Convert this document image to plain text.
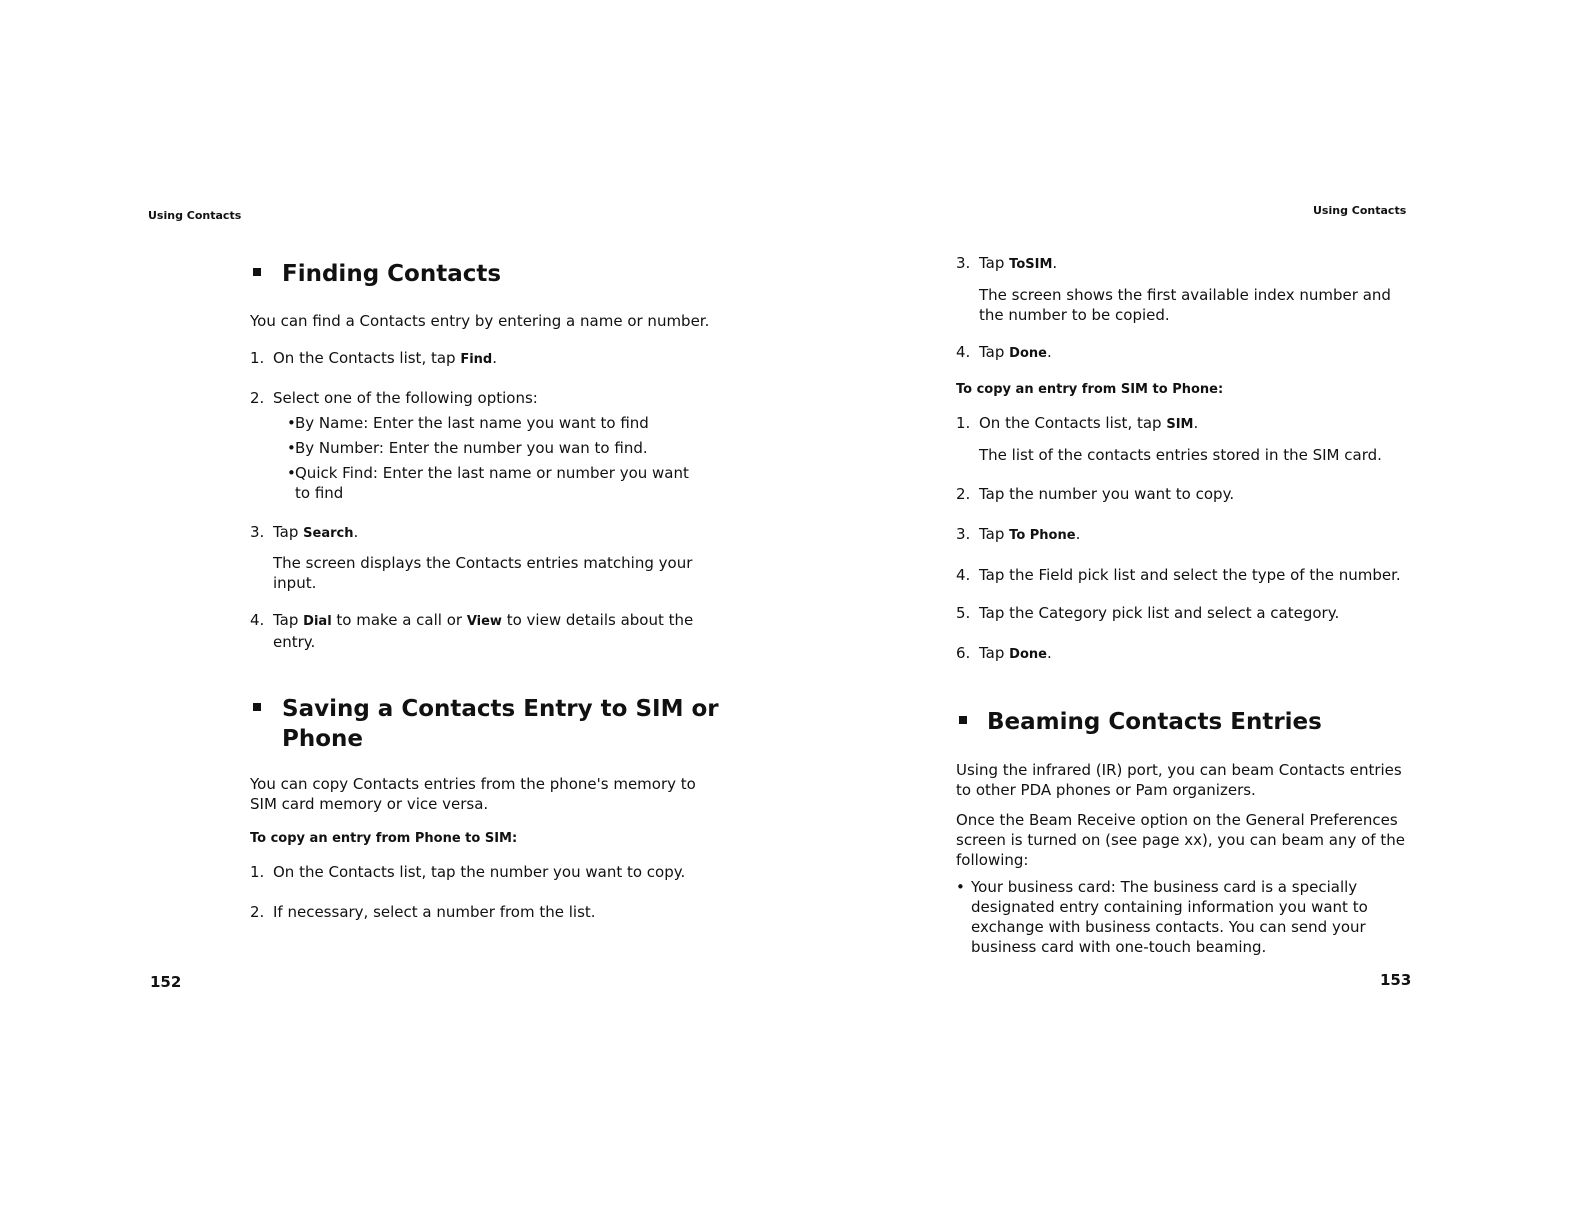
Using Contacts
Finding Contacts

You can find a Contacts entry by entering a name or number.

1. On the Contacts list, tap Find.
2. Select one of the following options:
• By Name: Enter the last name you want to find
• By Number: Enter the number you wan to find.
• Quick Find: Enter the last name or number you want to find
3. Tap Search.

The screen displays the Contacts entries matching your input.

4. Tap Dial to make a call or View to view details about the entry.
Saving a Contacts Entry to SIM or Phone

You can copy Contacts entries from the phone's memory to SIM card memory or vice versa.

To copy an entry from Phone to SIM:

1. On the Contacts list, tap the number you want to copy.
2. If necessary, select a number from the list.
152
Using Contacts
3. Tap ToSIM.

The screen shows the first available index number and the number to be copied.

4. Tap Done.

To copy an entry from SIM to Phone:

1. On the Contacts list, tap SIM.

The list of the contacts entries stored in the SIM card.

2. Tap the number you want to copy.
3. Tap To Phone.
4. Tap the Field pick list and select the type of the number.
5. Tap the Category pick list and select a category.
6. Tap Done.
Beaming Contacts Entries

Using the infrared (IR) port, you can beam Contacts entries to other PDA phones or Pam organizers.

Once the Beam Receive option on the General Preferences screen is turned on (see page xx), you can beam any of the following:

• Your business card: The business card is a specially designated entry containing information you want to exchange with business contacts. You can send your business card with one-touch beaming.
153
